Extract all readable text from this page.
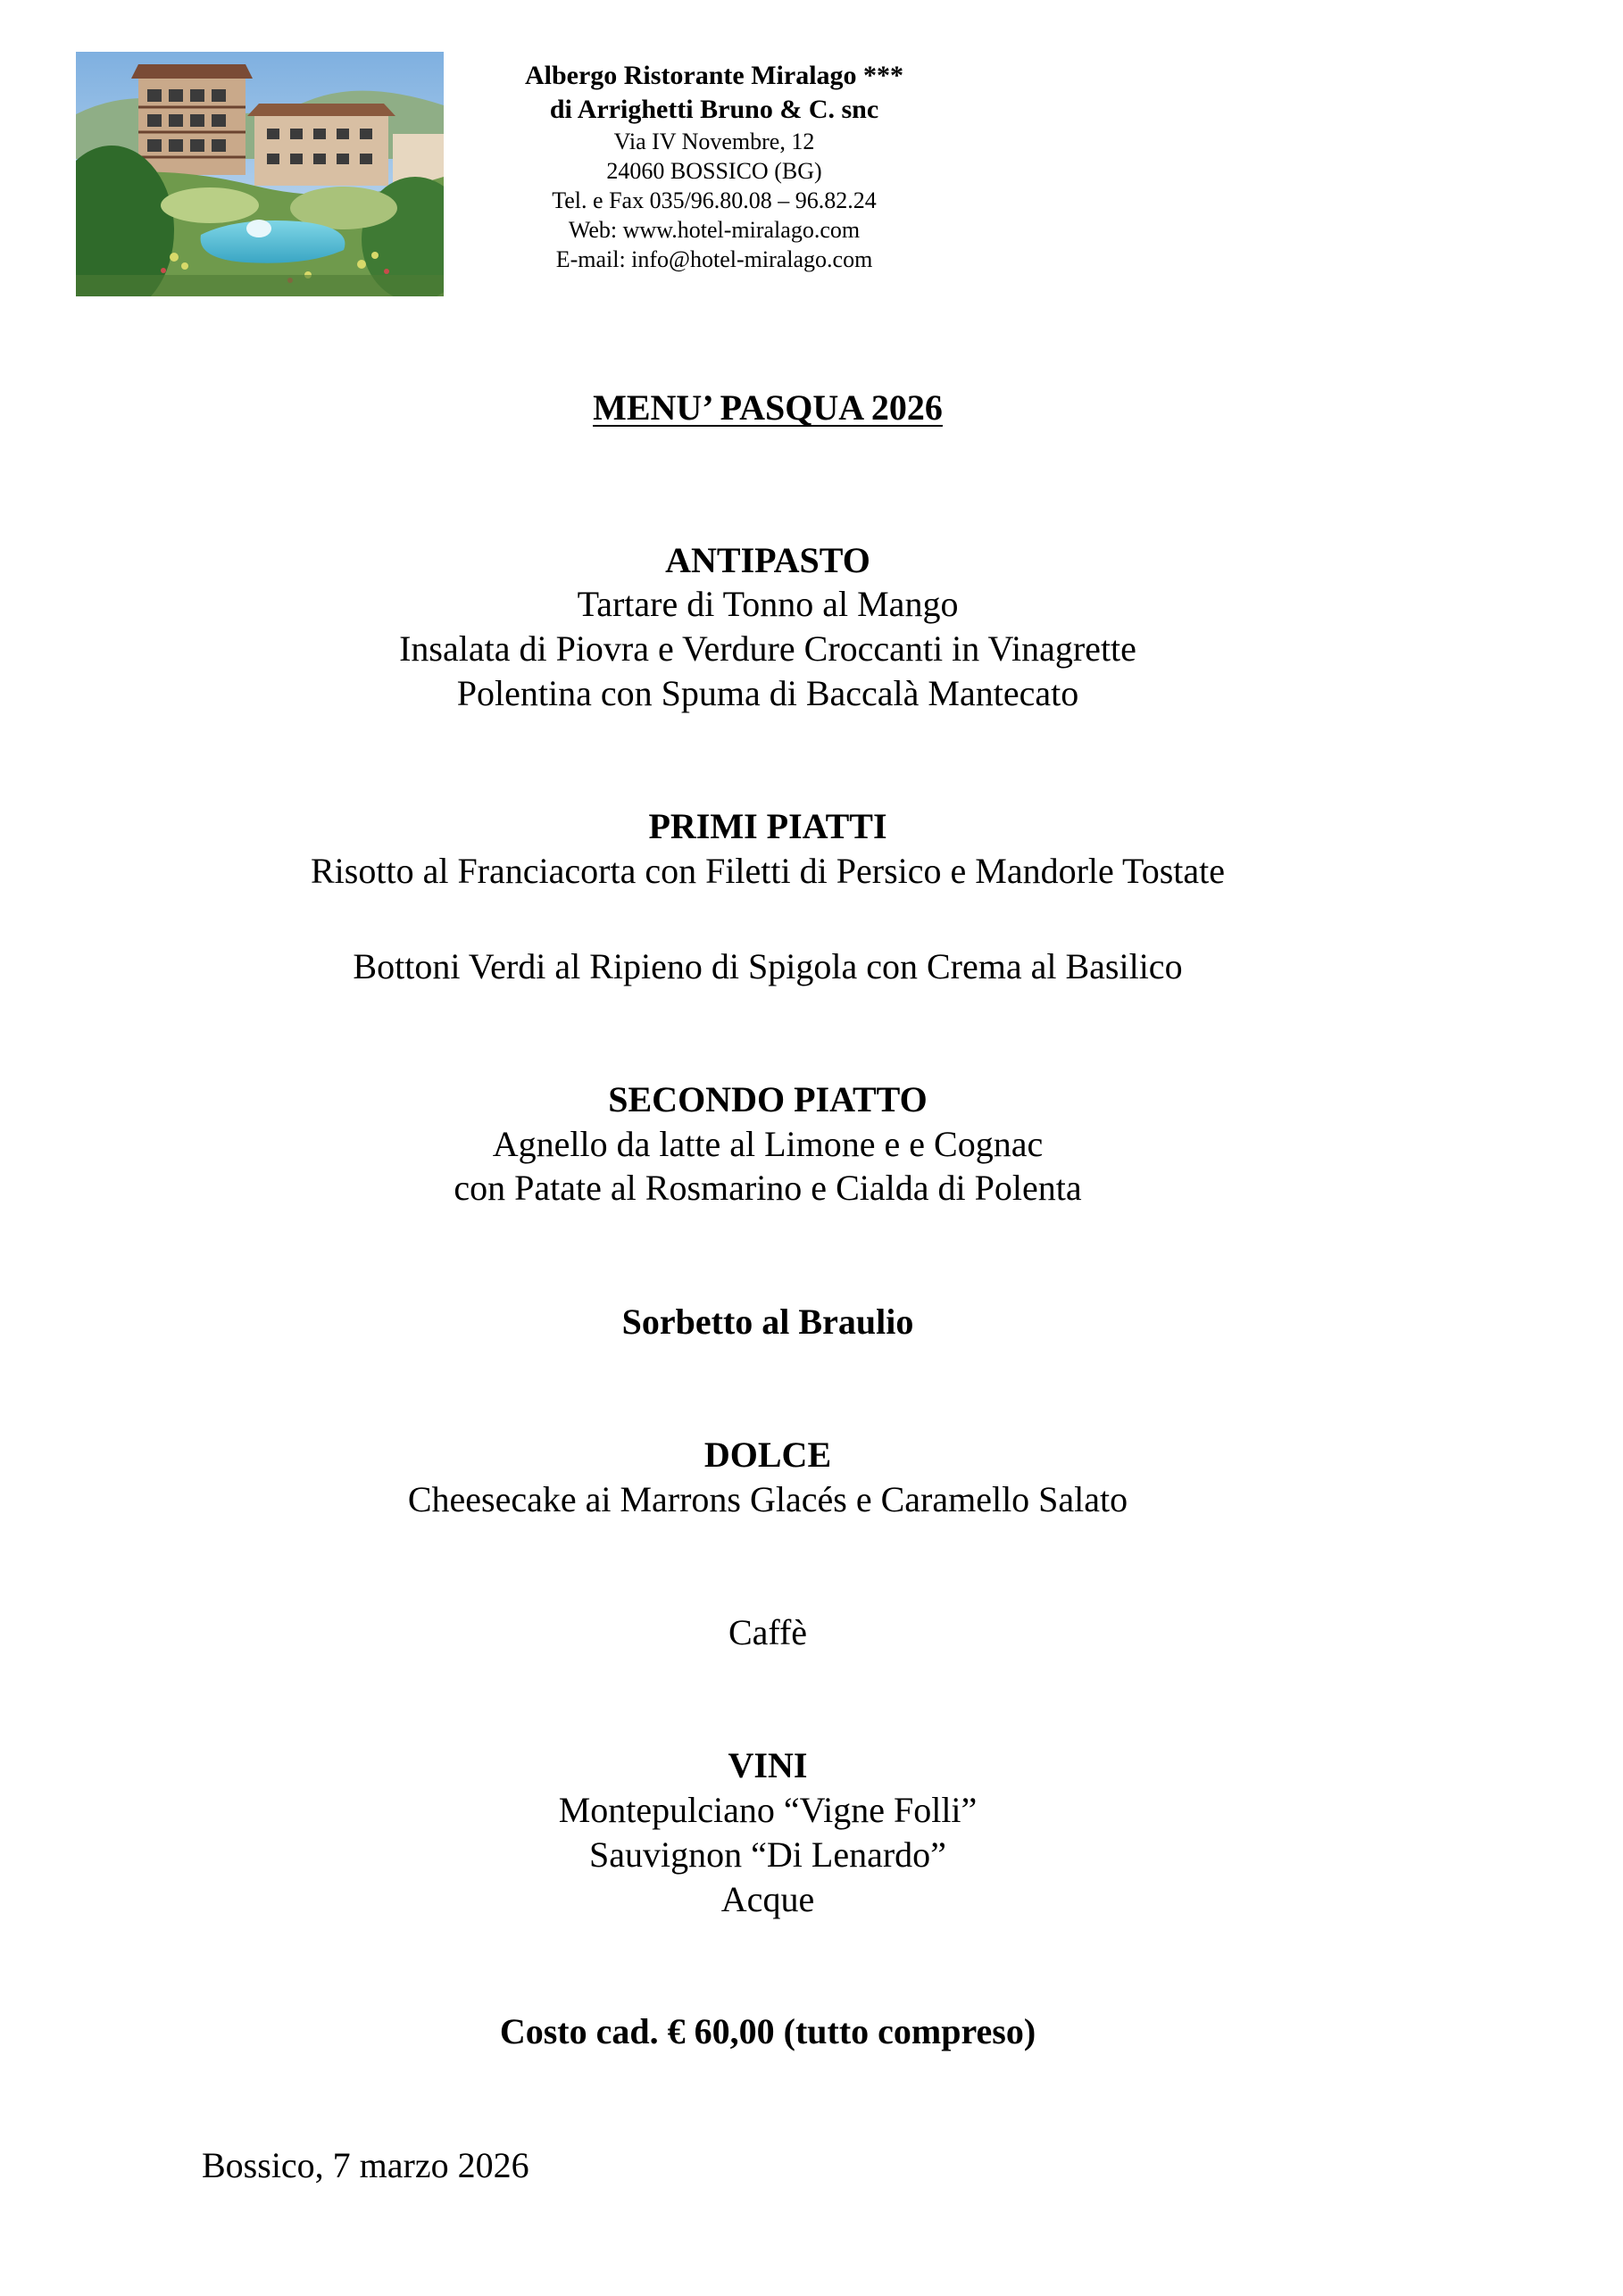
Albergo Ristorante Miralago ***
di Arrighetti Bruno & C. snc
Via IV Novembre, 12
24060 BOSSICO (BG)
Tel. e Fax 035/96.80.08 – 96.82.24
Web: www.hotel-miralago.com
E-mail: info@hotel-miralago.com
MENU’ PASQUA 2026
ANTIPASTO
Tartare di Tonno al Mango
Insalata di Piovra e Verdure Croccanti in Vinagrette
Polentina con Spuma di Baccalà Mantecato
PRIMI PIATTI
Risotto al Franciacorta con Filetti di Persico e Mandorle Tostate
Bottoni Verdi al Ripieno di Spigola con Crema al Basilico
SECONDO PIATTO
Agnello da latte al Limone e e Cognac
con Patate al Rosmarino e Cialda di Polenta
Sorbetto al Braulio
DOLCE
Cheesecake ai Marrons Glacés e Caramello Salato
Caffè
VINI
Montepulciano “Vigne Folli”
Sauvignon “Di Lenardo”
Acque
Costo cad. € 60,00 (tutto compreso)
Bossico, 7 marzo 2026
